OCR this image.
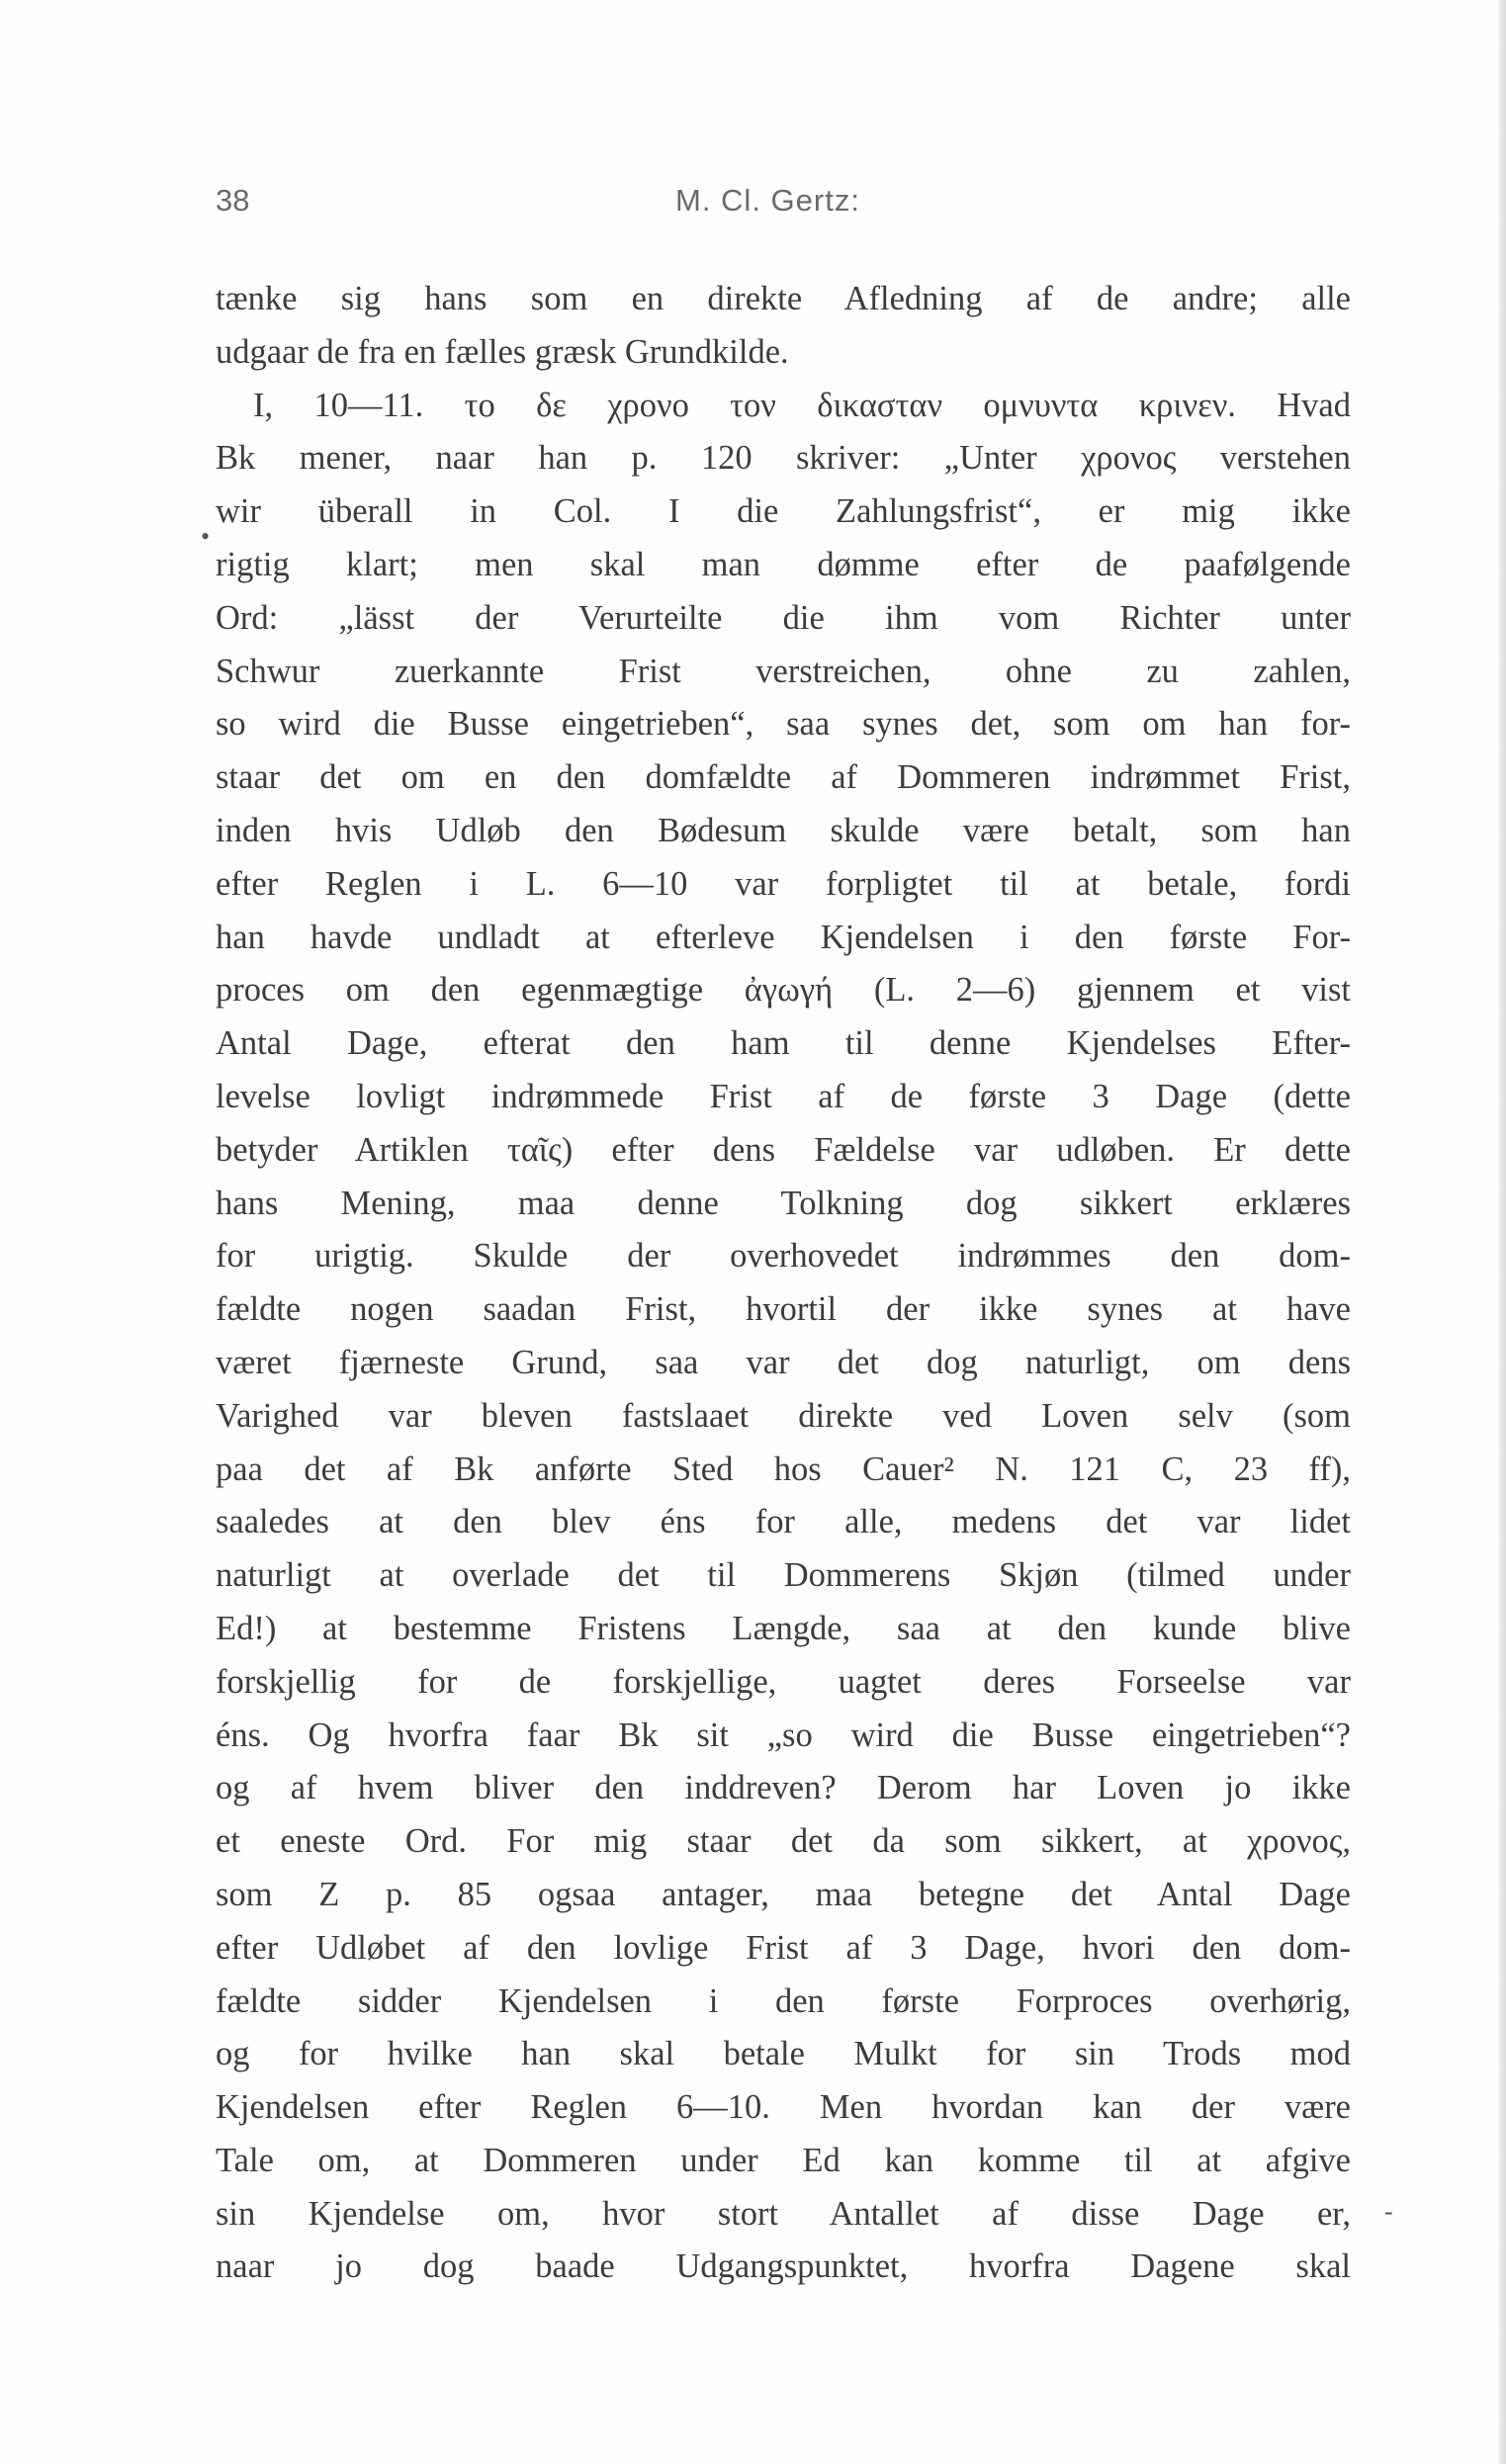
38	M. Cl. Gertz:
tænke sig hans som en direkte Afledning af de andre; alle
udgaar de fra en fælles græsk Grundkilde.
I, 10—11. το δε χρονο τον δικασταν ομνυντα κρινεν. Hvad
Bk mener, naar han p. 120 skriver: „Unter χρονος verstehen
wir überall in Col. I die Zahlungsfrist“, er mig ikke
rigtig klart; men skal man dømme efter de paafølgende
Ord: „lässt der Verurteilte die ihm vom Richter unter
Schwur zuerkannte Frist verstreichen, ohne zu zahlen,
so wird die Busse eingetrieben“, saa synes det, som om han for-
staar det om en den domfældte af Dommeren indrømmet Frist,
inden hvis Udløb den Bødesum skulde være betalt, som han
efter Reglen i L. 6—10 var forpligtet til at betale, fordi
han havde undladt at efterleve Kjendelsen i den første For-
proces om den egenmægtige ἀγωγή (L. 2—6) gjennem et vist
Antal Dage, efterat den ham til denne Kjendelses Efter-
levelse lovligt indrømmede Frist af de første 3 Dage (dette
betyder Artiklen ταῖς) efter dens Fældelse var udløben. Er dette
hans Mening, maa denne Tolkning dog sikkert erklæres
for urigtig. Skulde der overhovedet indrømmes den dom-
fældte nogen saadan Frist, hvortil der ikke synes at have
været fjærneste Grund, saa var det dog naturligt, om dens
Varighed var bleven fastslaaet direkte ved Loven selv (som
paa det af Bk anførte Sted hos Cauer² N. 121 C, 23 ff),
saaledes at den blev éns for alle, medens det var lidet
naturligt at overlade det til Dommerens Skjøn (tilmed under
Ed!) at bestemme Fristens Længde, saa at den kunde blive
forskjellig for de forskjellige, uagtet deres Forseelse var
éns. Og hvorfra faar Bk sit „so wird die Busse eingetrieben“?
og af hvem bliver den inddreven? Derom har Loven jo ikke
et eneste Ord. For mig staar det da som sikkert, at χρονος,
som Z p. 85 ogsaa antager, maa betegne det Antal Dage
efter Udløbet af den lovlige Frist af 3 Dage, hvori den dom-
fældte sidder Kjendelsen i den første Forproces overhørig,
og for hvilke han skal betale Mulkt for sin Trods mod
Kjendelsen efter Reglen 6—10. Men hvordan kan der være
Tale om, at Dommeren under Ed kan komme til at afgive
sin Kjendelse om, hvor stort Antallet af disse Dage er,
naar jo dog baade Udgangspunktet, hvorfra Dagene skal
•
-
